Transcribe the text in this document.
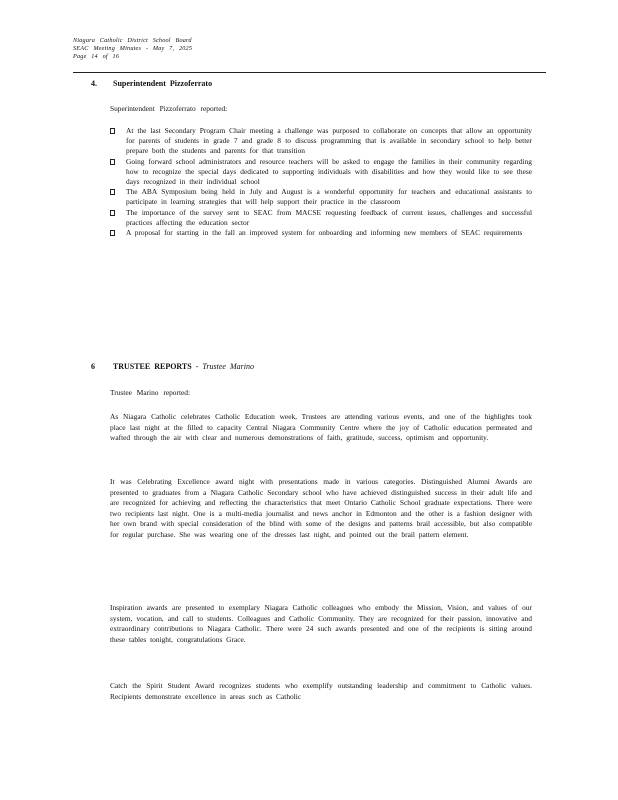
Niagara Catholic District School Board
SEAC Meeting Minutes - May 7, 2025
Page 14 of 16
4. Superintendent Pizzoferrato
Superintendent Pizzoferrato reported:
At the last Secondary Program Chair meeting a challenge was purposed to collaborate on concepts that allow an opportunity for parents of students in grade 7 and grade 8 to discuss programming that is available in secondary school to help better prepare both the students and parents for that transition
Going forward school administrators and resource teachers will be asked to engage the families in their community regarding how to recognize the special days dedicated to supporting individuals with disabilities and how they would like to see these days recognized in their individual school
The ABA Symposium being held in July and August is a wonderful opportunity for teachers and educational assistants to participate in learning strategies that will help support their practice in the classroom
The importance of the survey sent to SEAC from MACSE requesting feedback of current issues, challenges and successful practices affecting the education sector
A proposal for starting in the fall an improved system for onboarding and informing new members of SEAC requirements
6 TRUSTEE REPORTS - Trustee Marino
Trustee Marino reported:

As Niagara Catholic celebrates Catholic Education week, Trustees are attending various events, and one of the highlights took place last night at the filled to capacity Central Niagara Community Centre where the joy of Catholic education permeated and wafted through the air with clear and numerous demonstrations of faith, gratitude, success, optimism and opportunity.

It was Celebrating Excellence award night with presentations made in various categories. Distinguished Alumni Awards are presented to graduates from a Niagara Catholic Secondary school who have achieved distinguished success in their adult life and are recognized for achieving and reflecting the characteristics that meet Ontario Catholic School graduate expectations. There were two recipients last night. One is a multi-media journalist and news anchor in Edmonton and the other is a fashion designer with her own brand with special consideration of the blind with some of the designs and patterns brail accessible, but also compatible for regular purchase. She was wearing one of the dresses last night, and pointed out the brail pattern element.

Inspiration awards are presented to exemplary Niagara Catholic colleagues who embody the Mission, Vision, and values of our system, vocation, and call to students. Colleagues and Catholic Community. They are recognized for their passion, innovative and extraordinary contributions to Niagara Catholic. There were 24 such awards presented and one of the recipients is sitting around these tables tonight, congratulations Grace.

Catch the Spirit Student Award recognizes students who exemplify outstanding leadership and commitment to Catholic values. Recipients demonstrate excellence in areas such as Catholic
